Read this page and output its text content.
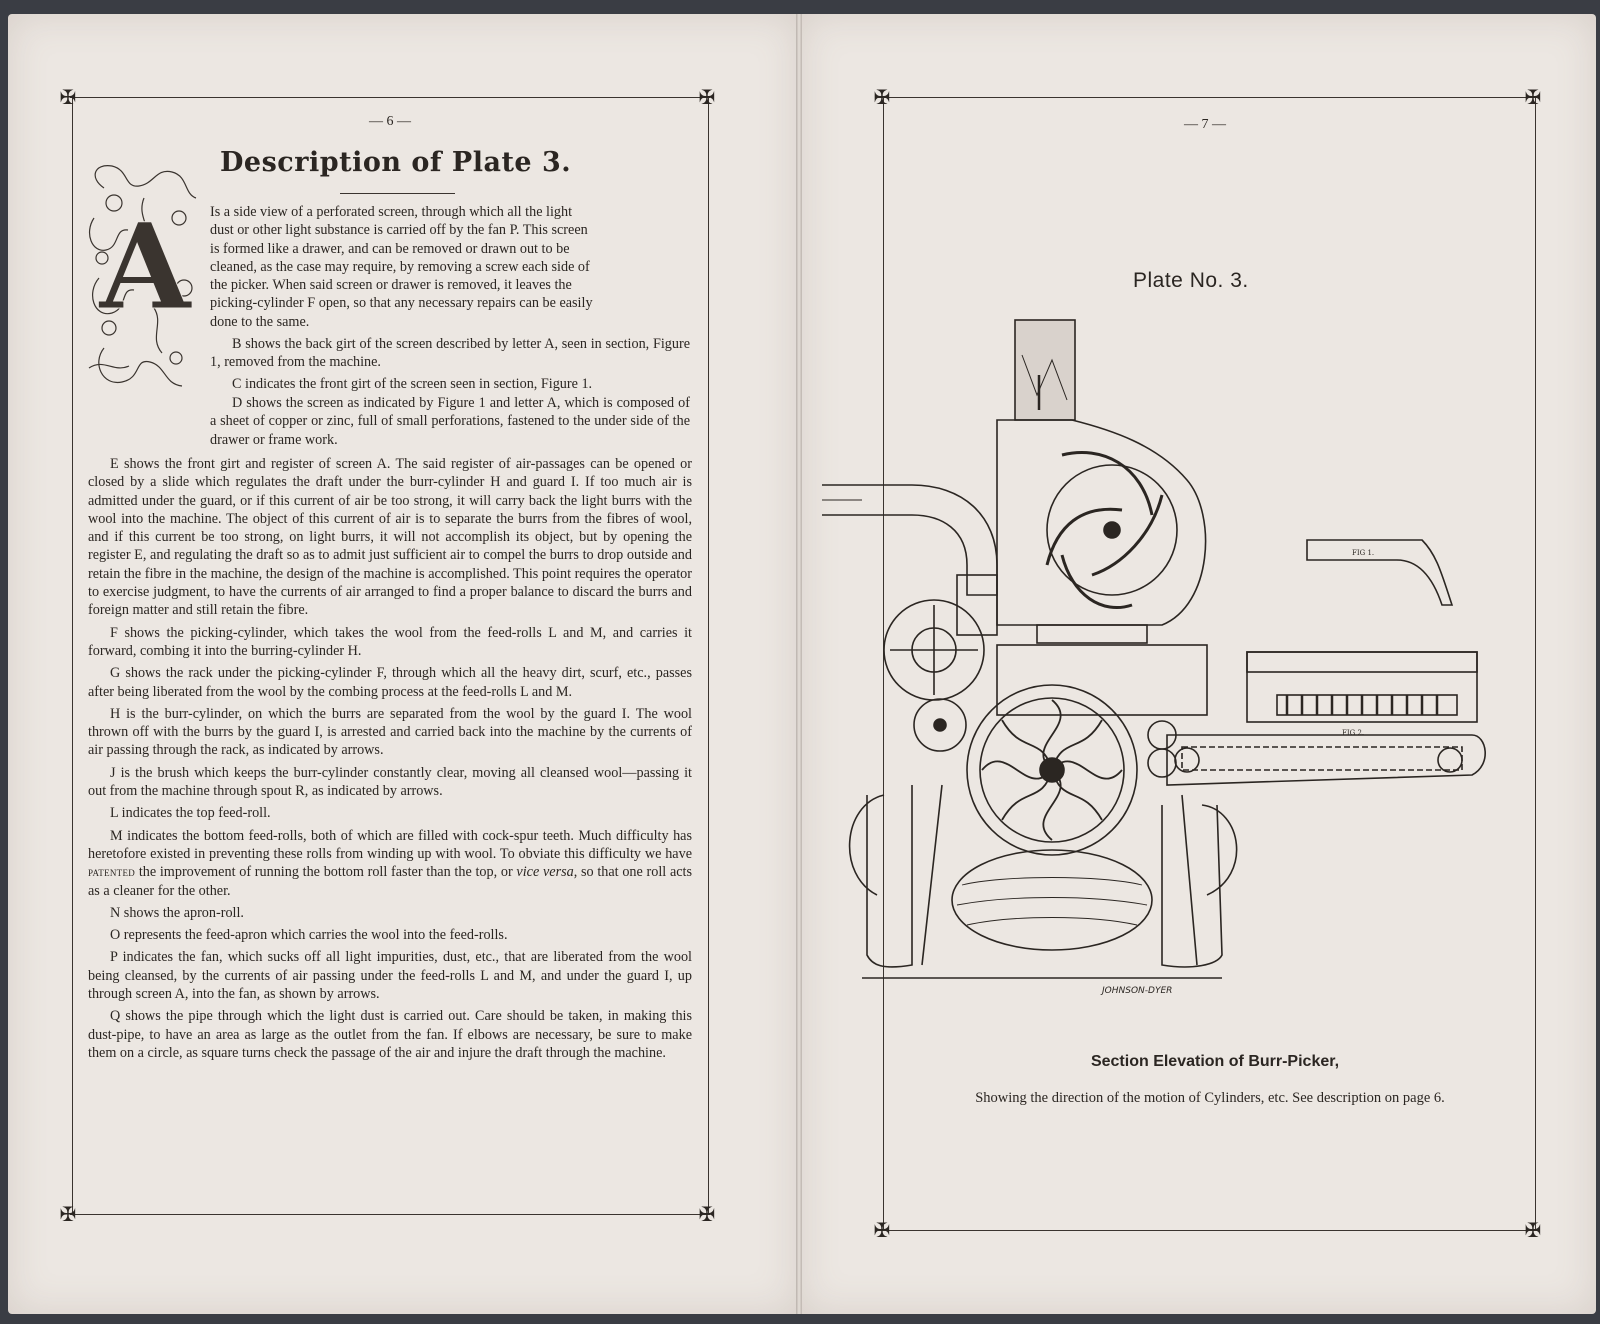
✠	✠
✠	✠
— 6 —
Description of Plate 3.
A Is a side view of a perforated screen, through which all the light

dust or other light substance is carried off by the fan P. This screen

is formed like a drawer, and can be removed or drawn out to be

cleaned, as the case may require, by removing a screw each side of

the picker. When said screen or drawer is removed, it leaves the

picking-cylinder F open, so that any necessary repairs can be easily

done to the same.

B shows the back girt of the screen described by letter A, seen in section, Figure 1, removed from the machine.

C indicates the front girt of the screen seen in section, Figure 1.

D shows the screen as indicated by Figure 1 and letter A, which is composed of a sheet of copper or zinc, full of small perforations, fastened to the under side of the drawer or frame work.

E shows the front girt and register of screen A. The said register of air-passages can be opened or closed by a slide which regulates the draft under the burr-cylinder H and guard I. If too much air is admitted under the guard, or if this current of air be too strong, it will carry back the light burrs with the wool into the machine. The object of this current of air is to separate the burrs from the fibres of wool, and if this current be too strong, on light burrs, it will not accomplish its object, but by opening the register E, and regulating the draft so as to admit just sufficient air to compel the burrs to drop outside and retain the fibre in the machine, the design of the machine is accomplished. This point requires the operator to exercise judgment, to have the currents of air arranged to find a proper balance to discard the burrs and foreign matter and still retain the fibre.

F shows the picking-cylinder, which takes the wool from the feed-rolls L and M, and carries it forward, combing it into the burring-cylinder H.

G shows the rack under the picking-cylinder F, through which all the heavy dirt, scurf, etc., passes after being liberated from the wool by the combing process at the feed-rolls L and M.

H is the burr-cylinder, on which the burrs are separated from the wool by the guard I. The wool thrown off with the burrs by the guard I, is arrested and carried back into the machine by the currents of air passing through the rack, as indicated by arrows.

J is the brush which keeps the burr-cylinder constantly clear, moving all cleansed wool—passing it out from the machine through spout R, as indicated by arrows.

L indicates the top feed-roll.

M indicates the bottom feed-rolls, both of which are filled with cock-spur teeth. Much difficulty has heretofore existed in preventing these rolls from winding up with wool. To obviate this difficulty we have patented the improvement of running the bottom roll faster than the top, or vice versa, so that one roll acts as a cleaner for the other.

N shows the apron-roll.

O represents the feed-apron which carries the wool into the feed-rolls.

P indicates the fan, which sucks off all light impurities, dust, etc., that are liberated from the wool being cleansed, by the currents of air passing under the feed-rolls L and M, and under the guard I, up through screen A, into the fan, as shown by arrows.

Q shows the pipe through which the light dust is carried out. Care should be taken, in making this dust-pipe, to have an area as large as the outlet from the fan. If elbows are necessary, be sure to make them on a circle, as square turns check the passage of the air and injure the draft through the machine.

✠	✠
✠	✠
— 7 —
Plate No. 3.
FIG 1.
FIG 2.
JOHNSON-DYER
Section Elevation of Burr-Picker,
Showing the direction of the motion of Cylinders, etc. See description on page 6.
